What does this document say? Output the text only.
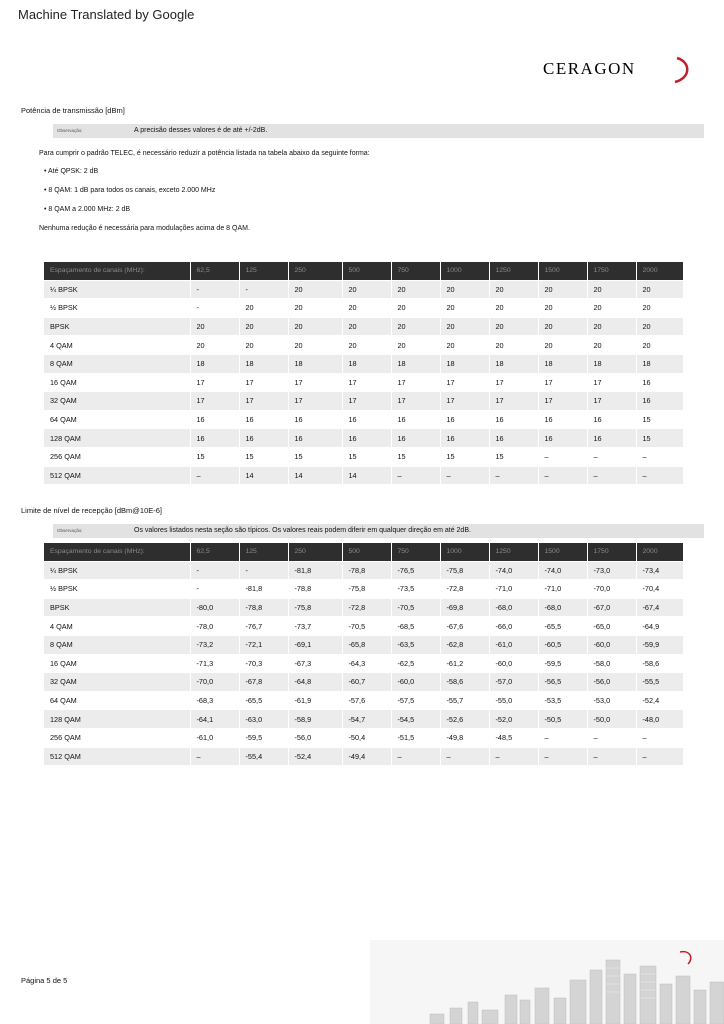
Machine Translated by Google
CERAGON
Potência de transmissão [dBm]
Observação:	A precisão desses valores é de até +/-2dB.
Para cumprir o padrão TELEC, é necessário reduzir a potência listada na tabela abaixo da seguinte forma:
• Até QPSK: 2 dB
• 8 QAM: 1 dB para todos os canais, exceto 2.000 MHz
• 8 QAM a 2.000 MHz: 2 dB
Nenhuma redução é necessária para modulações acima de 8 QAM.
Espaçamento de canais (MHz):	62,5	125	250	500	750	1000	1250	1500	1750	2000
¼ BPSK	-	-	20	20	20	20	20	20	20	20
½ BPSK	-	20	20	20	20	20	20	20	20	20
BPSK	20	20	20	20	20	20	20	20	20	20
4 QAM	20	20	20	20	20	20	20	20	20	20
8 QAM	18	18	18	18	18	18	18	18	18	18
16 QAM	17	17	17	17	17	17	17	17	17	16
32 QAM	17	17	17	17	17	17	17	17	17	16
64 QAM	16	16	16	16	16	16	16	16	16	15
128 QAM	16	16	16	16	16	16	16	16	16	15
256 QAM	15	15	15	15	15	15	15	–	–	–
512 QAM	–	14	14	14	–	–	–	–	–	–
Limite de nível de recepção [dBm@10E-6]
Observação:	Os valores listados nesta seção são típicos. Os valores reais podem diferir em qualquer direção em até 2dB.
Espaçamento de canais (MHz):	62,5	125	250	500	750	1000	1250	1500	1750	2000
¼ BPSK	-	-	-81,8	-78,8	-76,5	-75,8	-74,0	-74,0	-73,0	-73,4
½ BPSK	-	-81,8	-78,8	-75,8	-73,5	-72,8	-71,0	-71,0	-70,0	-70,4
BPSK	-80,0	-78,8	-75,8	-72,8	-70,5	-69,8	-68,0	-68,0	-67,0	-67,4
4 QAM	-78,0	-76,7	-73,7	-70,5	-68,5	-67,6	-66,0	-65,5	-65,0	-64,9
8 QAM	-73,2	-72,1	-69,1	-65,8	-63,5	-62,8	-61,0	-60,5	-60,0	-59,9
16 QAM	-71,3	-70,3	-67,3	-64,3	-62,5	-61,2	-60,0	-59,5	-58,0	-58,6
32 QAM	-70,0	-67,8	-64,8	-60,7	-60,0	-58,6	-57,0	-56,5	-56,0	-55,5
64 QAM	-68,3	-65,5	-61,9	-57,6	-57,5	-55,7	-55,0	-53,5	-53,0	-52,4
128 QAM	-64,1	-63,0	-58,9	-54,7	-54,5	-52,6	-52,0	-50,5	-50,0	-48,0
256 QAM	-61,0	-59,5	-56,0	-50,4	-51,5	-49,8	-48,5	–	–	–
512 QAM	–	-55,4	-52,4	-49,4	–	–	–	–	–	–
Página 5 de 5
